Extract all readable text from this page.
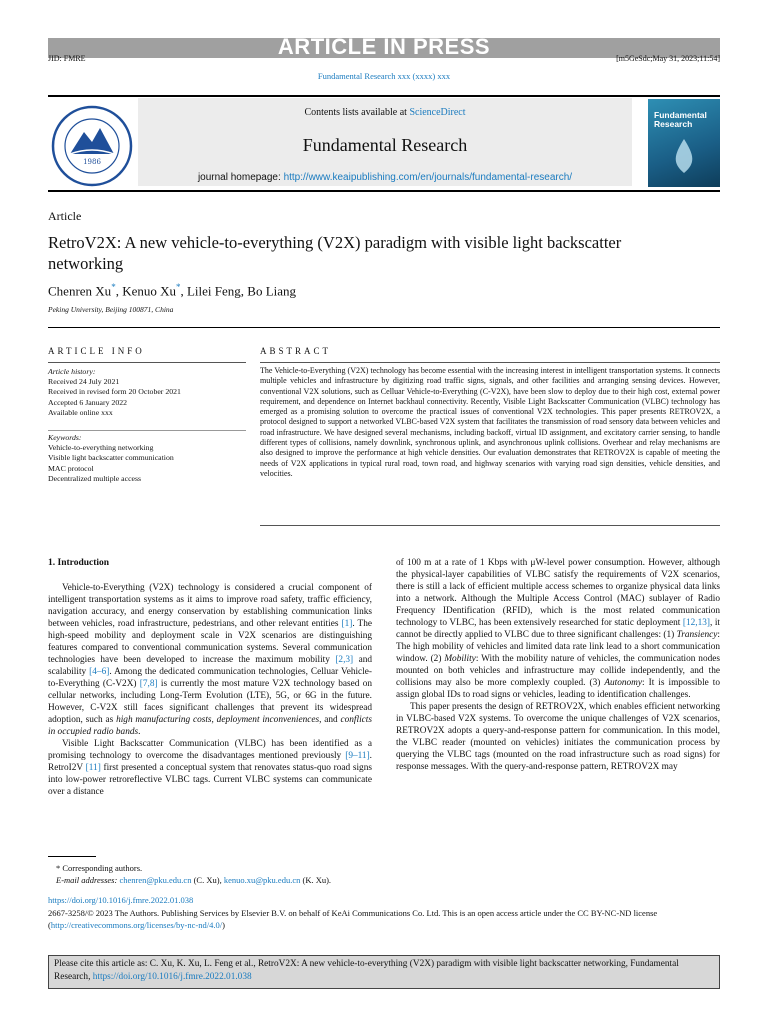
ARTICLE IN PRESS
JID: FMRE	[m5GeSdc;May 31, 2023;11:54]
Fundamental Research xxx (xxxx) xxx
1986
Contents lists available at ScienceDirect
Fundamental Research
journal homepage: http://www.keaipublishing.com/en/journals/fundamental-research/
Fundamental Research
Article
RetroV2X: A new vehicle-to-everything (V2X) paradigm with visible light backscatter networking
Chenren Xu*, Kenuo Xu*, Lilei Feng, Bo Liang
Peking University, Beijing 100871, China
ARTICLE INFO	ABSTRACT
Article history:
Received 24 July 2021
Received in revised form 20 October 2021
Accepted 6 January 2022
Available online xxx
Keywords:
Vehicle-to-everything networking
Visible light backscatter communication
MAC protocol
Decentralized multiple access
The Vehicle-to-Everything (V2X) technology has become essential with the increasing interest in intelligent transportation systems. It connects multiple vehicles and infrastructure by digitizing road traffic signs, signals, and other facilities and arranging sensing devices. However, conventional V2X solutions, such as Celluar Vehicle-to-Everything (C-V2X), have been slow to deploy due to their high cost, external power requirement, and dependence on Internet backhaul connectivity. Recently, Visible Light Backscatter Communication (VLBC) technology has emerged as a promising solution to overcome the practical issues of conventional V2X technologies. This paper presents RETROV2X, a protocol designed to support a networked VLBC-based V2X system that facilitates the transmission of road sensory data between vehicles and road infrastructure. We have designed several mechanisms, including backoff, virtual ID assignment, and excitatory carrier sensing, to handle different types of collisions, namely downlink, synchronous uplink, and asynchronous uplink collisions. Overhear and relay mechanisms are also designed to improve the performance at high vehicle densities. Our evaluation demonstrates that RETROV2X is capable of meeting the needs of V2X applications in typical rural road, town road, and highway scenarios with varying road sign densities, vehicle densities, and velocities.
1. Introduction

Vehicle-to-Everything (V2X) technology is considered a crucial component of intelligent transportation systems as it aims to improve road safety, traffic efficiency, navigation accuracy, and energy conservation by establishing communication links between vehicles, road infrastructure, pedestrians, and other relevant entities [1]. The high-speed mobility and deployment scale in V2X scenarios are distinguishing features compared to conventional communication systems. Several communication technologies have been developed to increase the maximum mobility [2,3] and scalability [4–6]. Among the dedicated communication technologies, Celluar Vehicle-to-Everything (C-V2X) [7,8] is currently the most mature V2X technology based on cellular networks, including Long-Term Evolution (LTE), 5G, or 6G in the future. However, C-V2X still faces significant challenges that prevent its widespread adoption, such as high manufacturing costs, deployment inconveniences, and conflicts in occupied radio bands.

Visible Light Backscatter Communication (VLBC) has been identified as a promising technology to overcome the disadvantages mentioned previously [9–11]. RetroI2V [11] first presented a conceptual system that renovates status-quo road signs into low-power retroreflective VLBC tags. Current VLBC systems can communicate over a distance

of 100 m at a rate of 1 Kbps with μW-level power consumption. However, although the physical-layer capabilities of VLBC satisfy the requirements of V2X scenarios, there is still a lack of efficient multiple access schemes to organize physical data links into a network. Although the Multiple Access Control (MAC) sublayer of Radio Frequency IDentification (RFID), which is the most related communication technology to VLBC, has been extensively researched for static deployment [12,13], it cannot be directly applied to VLBC due to three significant challenges: (1) Transiency: The high mobility of vehicles and limited data rate link lead to a short communication window. (2) Mobility: With the mobility nature of vehicles, the communication nodes mounted on both vehicles and infrastructure may collide independently, and the collisions may also be more complexly coupled. (3) Autonomy: It is impossible to assign global IDs to road signs or vehicles, leading to identification challenges.

This paper presents the design of RETROV2X, which enables efficient networking in VLBC-based V2X systems. To overcome the unique challenges of V2X scenarios, RETROV2X adopts a query-and-response pattern for communication. In this model, the VLBC reader (mounted on vehicles) initiates the communication process by querying the VLBC tags (mounted on the road infrastructure such as road signs) for response messages. With the query-and-response pattern, RETROV2X may

* Corresponding authors.
E-mail addresses: chenren@pku.edu.cn (C. Xu), kenuo.xu@pku.edu.cn (K. Xu).
https://doi.org/10.1016/j.fmre.2022.01.038
2667-3258/© 2023 The Authors. Publishing Services by Elsevier B.V. on behalf of KeAi Communications Co. Ltd. This is an open access article under the CC BY-NC-ND license (http://creativecommons.org/licenses/by-nc-nd/4.0/)
Please cite this article as: C. Xu, K. Xu, L. Feng et al., RetroV2X: A new vehicle-to-everything (V2X) paradigm with visible light backscatter networking, Fundamental Research, https://doi.org/10.1016/j.fmre.2022.01.038
